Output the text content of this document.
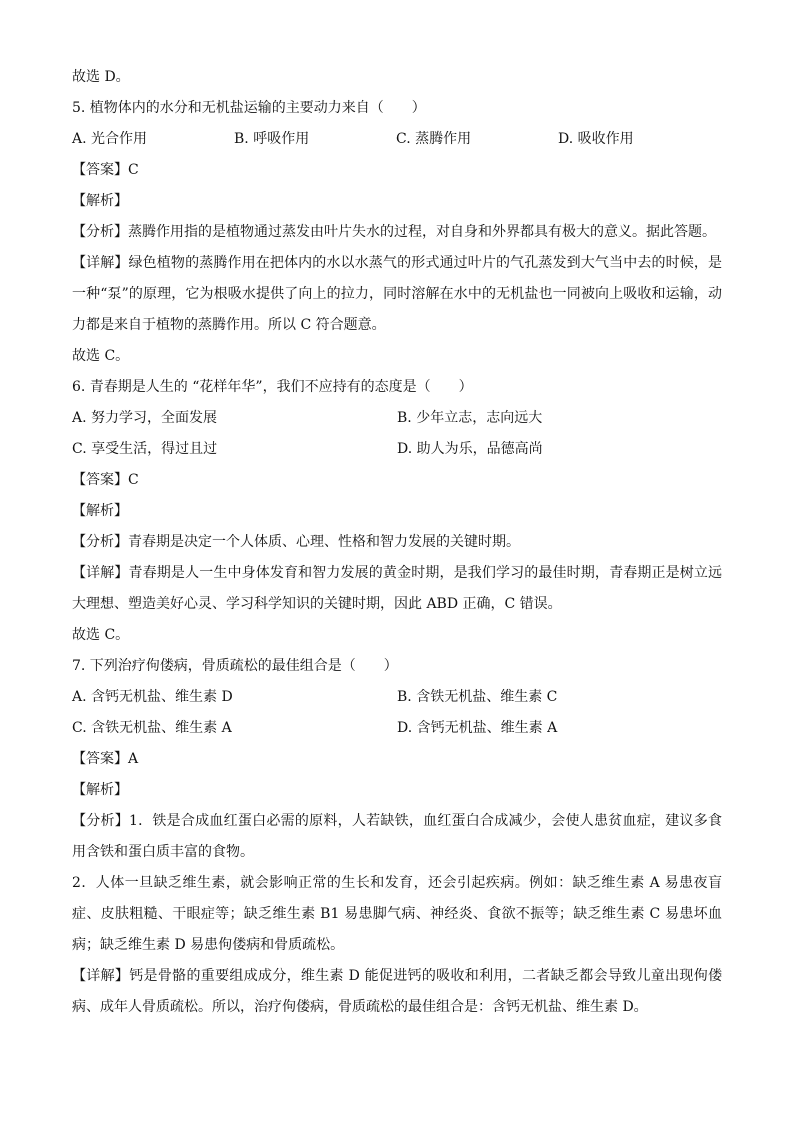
故选 D。
5. 植物体内的水分和无机盐运输的主要动力来自（　　）
A. 光合作用	B. 呼吸作用	C. 蒸腾作用	D. 吸收作用
【答案】C
【解析】
【分析】蒸腾作用指的是植物通过蒸发由叶片失水的过程，对自身和外界都具有极大的意义。据此答题。
【详解】绿色植物的蒸腾作用在把体内的水以水蒸气的形式通过叶片的气孔蒸发到大气当中去的时候，是一种“泵”的原理，它为根吸水提供了向上的拉力，同时溶解在水中的无机盐也一同被向上吸收和运输，动力都是来自于植物的蒸腾作用。所以 C 符合题意。
故选 C。
6. 青春期是人生的 “花样年华”，我们不应持有的态度是（　　）
A. 努力学习，全面发展	B. 少年立志，志向远大
C. 享受生活，得过且过	D. 助人为乐，品德高尚
【答案】C
【解析】
【分析】青春期是决定一个人体质、心理、性格和智力发展的关键时期。
【详解】青春期是人一生中身体发育和智力发展的黄金时期，是我们学习的最佳时期，青春期正是树立远大理想、塑造美好心灵、学习科学知识的关键时期，因此 ABD 正确，C 错误。
故选 C。
7. 下列治疗佝偻病，骨质疏松的最佳组合是（　　）
A. 含钙无机盐、维生素 D	B. 含铁无机盐、维生素 C
C. 含铁无机盐、维生素 A	D. 含钙无机盐、维生素 A
【答案】A
【解析】
【分析】1．铁是合成血红蛋白必需的原料，人若缺铁，血红蛋白合成减少，会使人患贫血症，建议多食用含铁和蛋白质丰富的食物。
2．人体一旦缺乏维生素，就会影响正常的生长和发育，还会引起疾病。例如：缺乏维生素 A 易患夜盲症、皮肤粗糙、干眼症等；缺乏维生素 B1 易患脚气病、神经炎、食欲不振等；缺乏维生素 C 易患坏血病；缺乏维生素 D 易患佝偻病和骨质疏松。
【详解】钙是骨骼的重要组成成分，维生素 D 能促进钙的吸收和利用，二者缺乏都会导致儿童出现佝偻病、成年人骨质疏松。所以，治疗佝偻病，骨质疏松的最佳组合是：含钙无机盐、维生素 D。
